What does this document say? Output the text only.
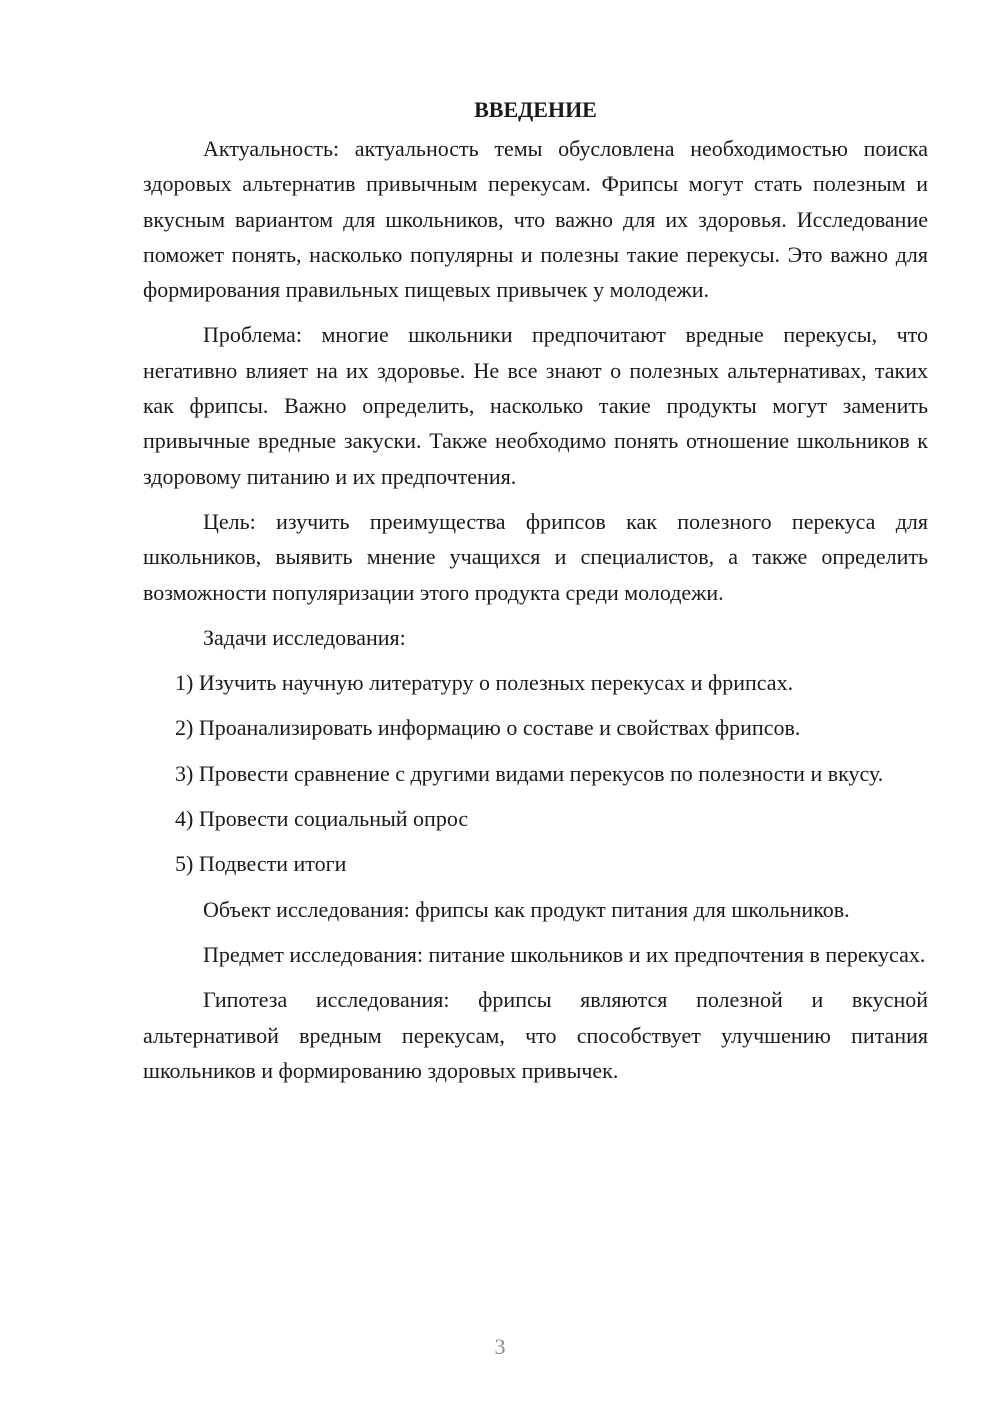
ВВЕДЕНИЕ

Актуальность: актуальность темы обусловлена необходимостью поиска здоровых альтернатив привычным перекусам. Фрипсы могут стать полезным и вкусным вариантом для школьников, что важно для их здоровья. Исследование поможет понять, насколько популярны и полезны такие перекусы. Это важно для формирования правильных пищевых привычек у молодежи.

Проблема: многие школьники предпочитают вредные перекусы, что негативно влияет на их здоровье. Не все знают о полезных альтернативах, таких как фрипсы. Важно определить, насколько такие продукты могут заменить привычные вредные закуски. Также необходимо понять отношение школьников к здоровому питанию и их предпочтения.

Цель: изучить преимущества фрипсов как полезного перекуса для школьников, выявить мнение учащихся и специалистов, а также определить возможности популяризации этого продукта среди молодежи.

Задачи исследования:

1) Изучить научную литературу о полезных перекусах и фрипсах.

2) Проанализировать информацию о составе и свойствах фрипсов.

3) Провести сравнение с другими видами перекусов по полезности и вкусу.

4) Провести социальный опрос

5) Подвести итоги

Объект исследования: фрипсы как продукт питания для школьников.

Предмет исследования: питание школьников и их предпочтения в перекусах.

Гипотеза исследования: фрипсы являются полезной и вкусной альтернативой вредным перекусам, что способствует улучшению питания школьников и формированию здоровых привычек.

3
